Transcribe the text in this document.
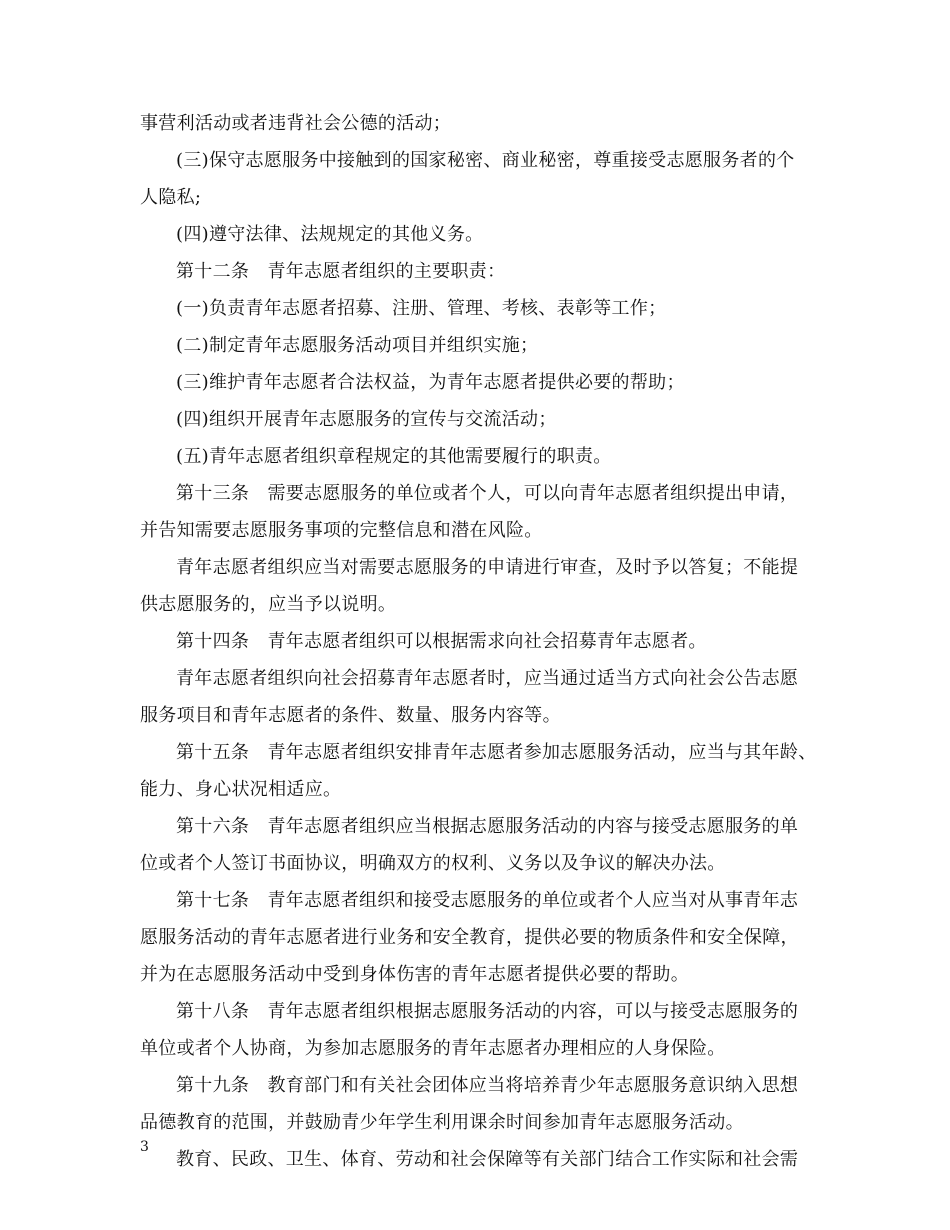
事营利活动或者违背社会公德的活动；
(三)保守志愿服务中接触到的国家秘密、商业秘密，尊重接受志愿服务者的个
人隐私;
(四)遵守法律、法规规定的其他义务。
第十二条　青年志愿者组织的主要职责：
(一)负责青年志愿者招募、注册、管理、考核、表彰等工作；
(二)制定青年志愿服务活动项目并组织实施；
(三)维护青年志愿者合法权益，为青年志愿者提供必要的帮助；
(四)组织开展青年志愿服务的宣传与交流活动；
(五)青年志愿者组织章程规定的其他需要履行的职责。
第十三条　需要志愿服务的单位或者个人，可以向青年志愿者组织提出申请，
并告知需要志愿服务事项的完整信息和潜在风险。
青年志愿者组织应当对需要志愿服务的申请进行审查，及时予以答复；不能提
供志愿服务的，应当予以说明。
第十四条　青年志愿者组织可以根据需求向社会招募青年志愿者。
青年志愿者组织向社会招募青年志愿者时，应当通过适当方式向社会公告志愿
服务项目和青年志愿者的条件、数量、服务内容等。
第十五条　青年志愿者组织安排青年志愿者参加志愿服务活动，应当与其年龄、
能力、身心状况相适应。
第十六条　青年志愿者组织应当根据志愿服务活动的内容与接受志愿服务的单
位或者个人签订书面协议，明确双方的权利、义务以及争议的解决办法。
第十七条　青年志愿者组织和接受志愿服务的单位或者个人应当对从事青年志
愿服务活动的青年志愿者进行业务和安全教育，提供必要的物质条件和安全保障，
并为在志愿服务活动中受到身体伤害的青年志愿者提供必要的帮助。
第十八条　青年志愿者组织根据志愿服务活动的内容，可以与接受志愿服务的
单位或者个人协商，为参加志愿服务的青年志愿者办理相应的人身保险。
第十九条　教育部门和有关社会团体应当将培养青少年志愿服务意识纳入思想
品德教育的范围，并鼓励青少年学生利用课余时间参加青年志愿服务活动。
教育、民政、卫生、体育、劳动和社会保障等有关部门结合工作实际和社会需
3
